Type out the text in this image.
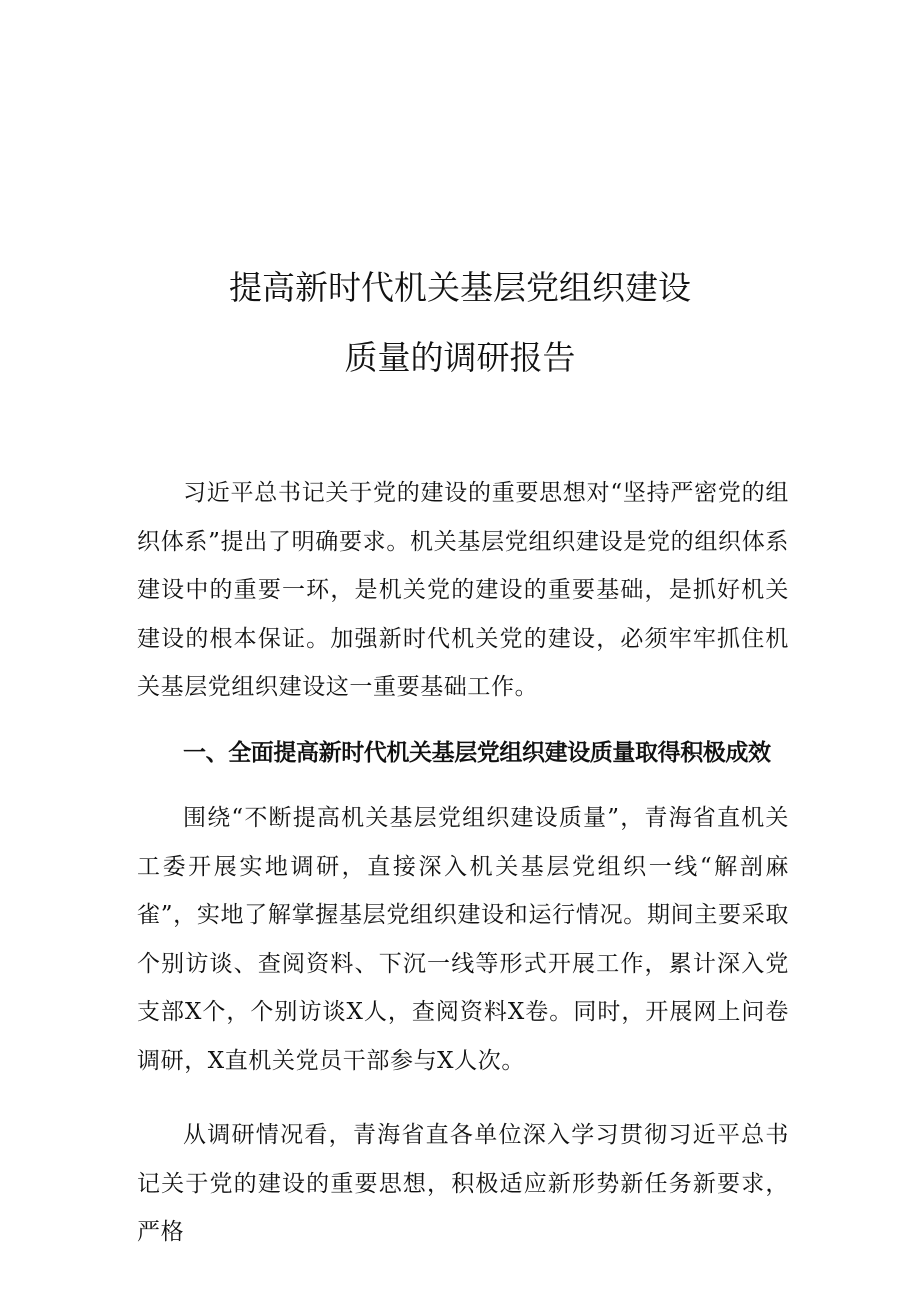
提高新时代机关基层党组织建设
质量的调研报告

习近平总书记关于党的建设的重要思想对“坚持严密党的组织体系”提出了明确要求。机关基层党组织建设是党的组织体系建设中的重要一环，是机关党的建设的重要基础，是抓好机关建设的根本保证。加强新时代机关党的建设，必须牢牢抓住机关基层党组织建设这一重要基础工作。

一、全面提高新时代机关基层党组织建设质量取得积极成效

围绕“不断提高机关基层党组织建设质量”，青海省直机关工委开展实地调研，直接深入机关基层党组织一线“解剖麻雀”，实地了解掌握基层党组织建设和运行情况。期间主要采取个别访谈、查阅资料、下沉一线等形式开展工作，累计深入党支部X个，个别访谈X人，查阅资料X卷。同时，开展网上问卷调研，X直机关党员干部参与X人次。

从调研情况看，青海省直各单位深入学习贯彻习近平总书记关于党的建设的重要思想，积极适应新形势新任务新要求，严格
